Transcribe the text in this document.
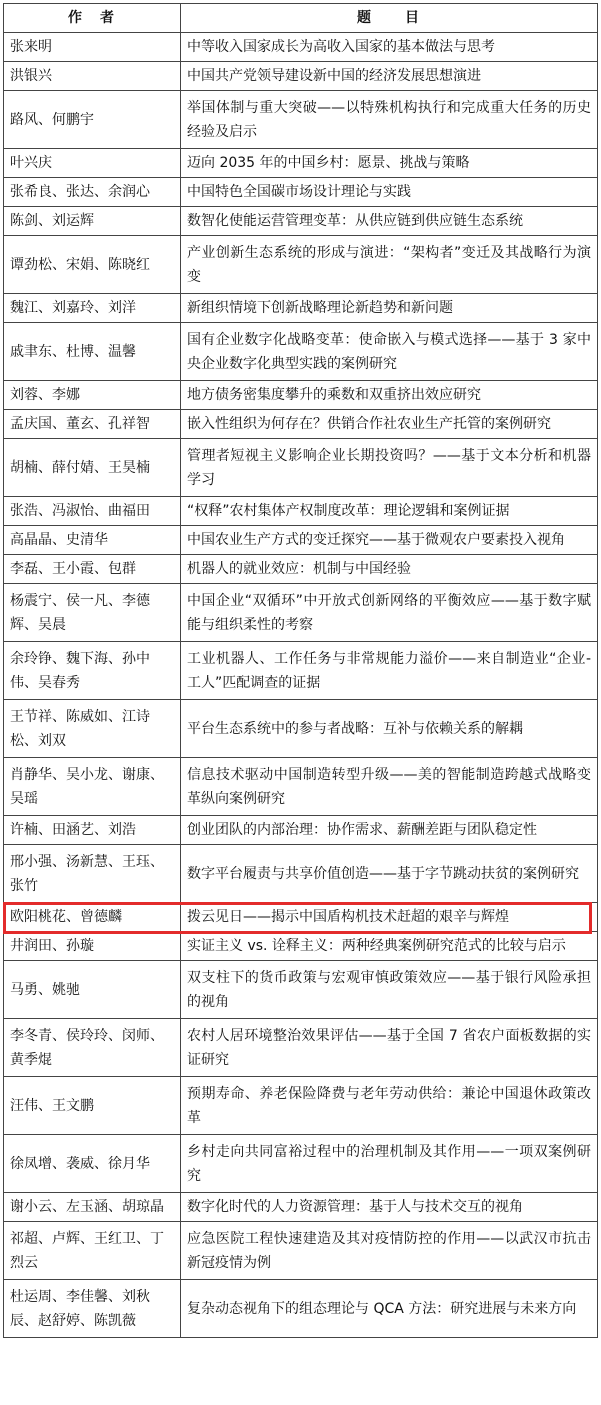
作　者	题　　目
张来明	中等收入国家成长为高收入国家的基本做法与思考
洪银兴	中国共产党领导建设新中国的经济发展思想演进
路风、何鹏宇	举国体制与重大突破——以特殊机构执行和完成重大任务的历史经验及启示
叶兴庆	迈向 2035 年的中国乡村：愿景、挑战与策略
张希良、张达、余润心	中国特色全国碳市场设计理论与实践
陈剑、刘运辉	数智化使能运营管理变革：从供应链到供应链生态系统
谭劲松、宋娟、陈晓红	产业创新生态系统的形成与演进：“架构者”变迁及其战略行为演变
魏江、刘嘉玲、刘洋	新组织情境下创新战略理论新趋势和新问题
戚聿东、杜博、温馨	国有企业数字化战略变革：使命嵌入与模式选择——基于 3 家中央企业数字化典型实践的案例研究
刘蓉、李娜	地方债务密集度攀升的乘数和双重挤出效应研究
孟庆国、董玄、孔祥智	嵌入性组织为何存在？供销合作社农业生产托管的案例研究
胡楠、薛付婧、王昊楠	管理者短视主义影响企业长期投资吗？——基于文本分析和机器学习
张浩、冯淑怡、曲福田	“权释”农村集体产权制度改革：理论逻辑和案例证据
高晶晶、史清华	中国农业生产方式的变迁探究——基于微观农户要素投入视角
李磊、王小霞、包群	机器人的就业效应：机制与中国经验
杨震宁、侯一凡、李德辉、吴晨	中国企业“双循环”中开放式创新网络的平衡效应——基于数字赋能与组织柔性的考察
余玲铮、魏下海、孙中伟、吴春秀	工业机器人、工作任务与非常规能力溢价——来自制造业“企业-工人”匹配调查的证据
王节祥、陈威如、江诗松、刘双	平台生态系统中的参与者战略：互补与依赖关系的解耦
肖静华、吴小龙、谢康、吴瑶	信息技术驱动中国制造转型升级——美的智能制造跨越式战略变革纵向案例研究
许楠、田涵艺、刘浩	创业团队的内部治理：协作需求、薪酬差距与团队稳定性
邢小强、汤新慧、王珏、张竹	数字平台履责与共享价值创造——基于字节跳动扶贫的案例研究
欧阳桃花、曾德麟	拨云见日——揭示中国盾构机技术赶超的艰辛与辉煌
井润田、孙璇	实证主义 vs. 诠释主义：两种经典案例研究范式的比较与启示
马勇、姚驰	双支柱下的货币政策与宏观审慎政策效应——基于银行风险承担的视角
李冬青、侯玲玲、闵师、黄季焜	农村人居环境整治效果评估——基于全国 7 省农户面板数据的实证研究
汪伟、王文鹏	预期寿命、养老保险降费与老年劳动供给：兼论中国退休政策改革
徐凤增、袭威、徐月华	乡村走向共同富裕过程中的治理机制及其作用——一项双案例研究
谢小云、左玉涵、胡琼晶	数字化时代的人力资源管理：基于人与技术交互的视角
祁超、卢辉、王红卫、丁烈云	应急医院工程快速建造及其对疫情防控的作用——以武汉市抗击新冠疫情为例
杜运周、李佳馨、刘秋辰、赵舒婷、陈凯薇	复杂动态视角下的组态理论与 QCA 方法：研究进展与未来方向
